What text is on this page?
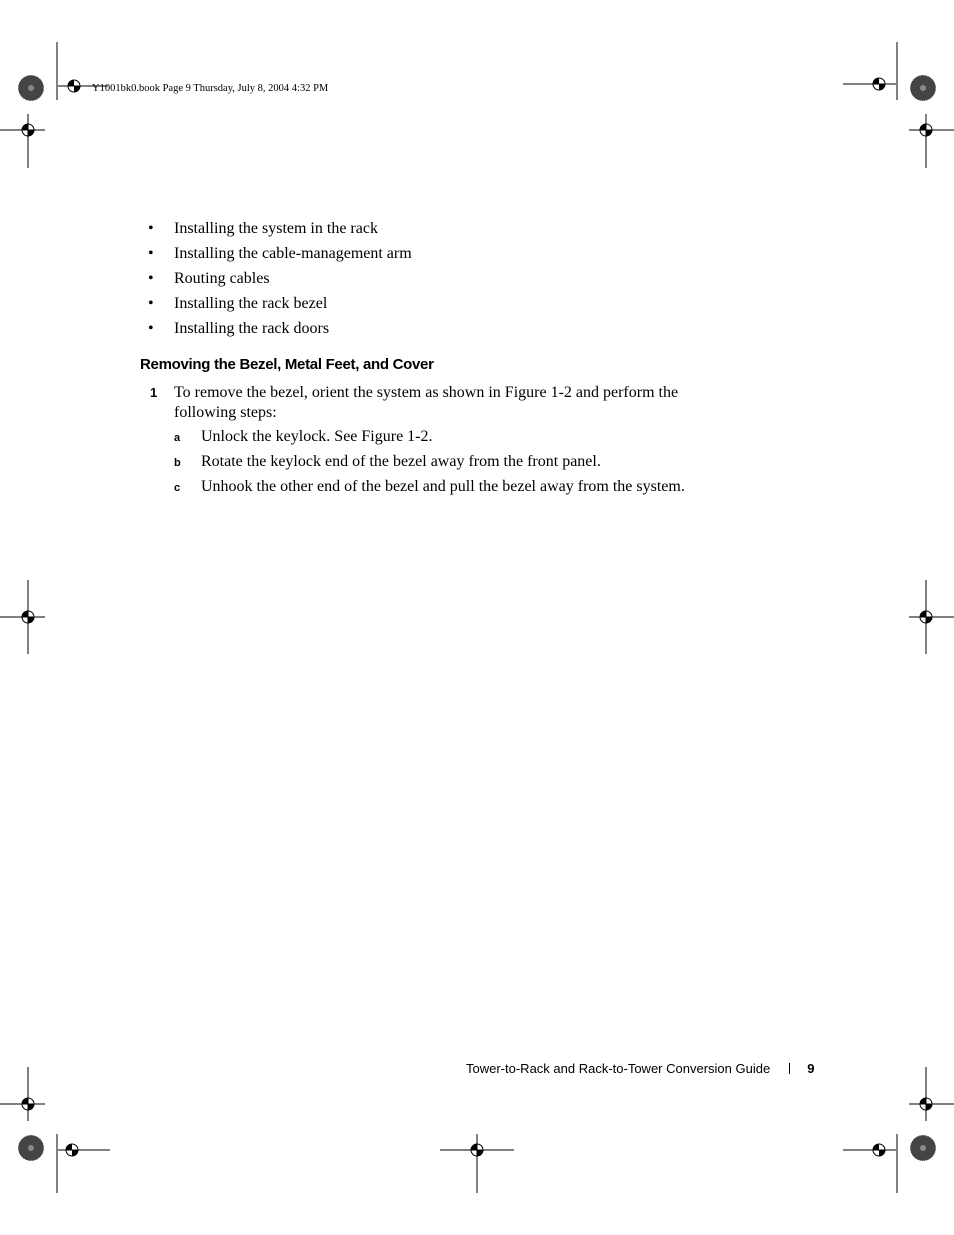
Y1001bk0.book Page 9 Thursday, July 8, 2004 4:32 PM
• Installing the system in the rack
• Installing the cable-management arm
• Routing cables
• Installing the rack bezel
• Installing the rack doors
Removing the Bezel, Metal Feet, and Cover
1 To remove the bezel, orient the system as shown in Figure 1-2 and perform the following steps:
a Unlock the keylock. See Figure 1-2.
b Rotate the keylock end of the bezel away from the front panel.
c Unhook the other end of the bezel and pull the bezel away from the system.
Tower-to-Rack and Rack-to-Tower Conversion Guide	9
